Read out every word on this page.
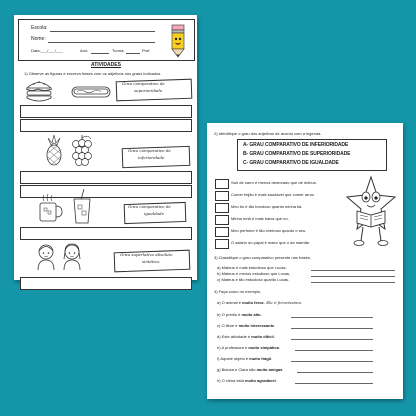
Escola:
Nome:
Data:___/___/___	Ano:	Turma:	Prof.
ATIVIDADES
1) Observe as figuras e escreva frases com os adjetivos nos graus indicados.
Grau comparativo de
superioridade
Grau comparativo de
inferioridade
Grau comparativo de
igualdade
Grau superlativo absoluto
sintético
2) Identifique o grau dos adjetivos de acordo com a legenda.
A- GRAU COMPARATIVO DE INFERIORIDADE
B- GRAU COMPARATIVO DE SUPERIORIDADE
C- GRAU COMPARATIVO DE IGUALDADE
Sair de carro é menos demorado que de ônibus.
Comer feijão é mais saudável que comer arroz.
Meu tio é tão bondoso quanto minha tia.
Minha irmã é mais baixa que eu.
Meu perfume é tão cheiroso quanto o seu.
O salário do papai é maior que o da mamãe.
3) Classifique o grau comparativo presente nas frases.
a) Mateus é mais estudioso que Lucas.
b) Mateus é menos estudioso que Lucas.
c) Mateus é tão estudioso quanto Lucas.
4) Faça como no exemplo.
a) O animal é muito feroz. Ele é ferocíssimo.
b) O prédio é muito alto.
c) O filme é muito interessante.
d) Este atividade é muito difícil.
e) A professora é muito simpática.
f) Aquele objeto é muito frágil.
g) Bianca e Clara são muito amigas.
h) O clima está muito agradável.
